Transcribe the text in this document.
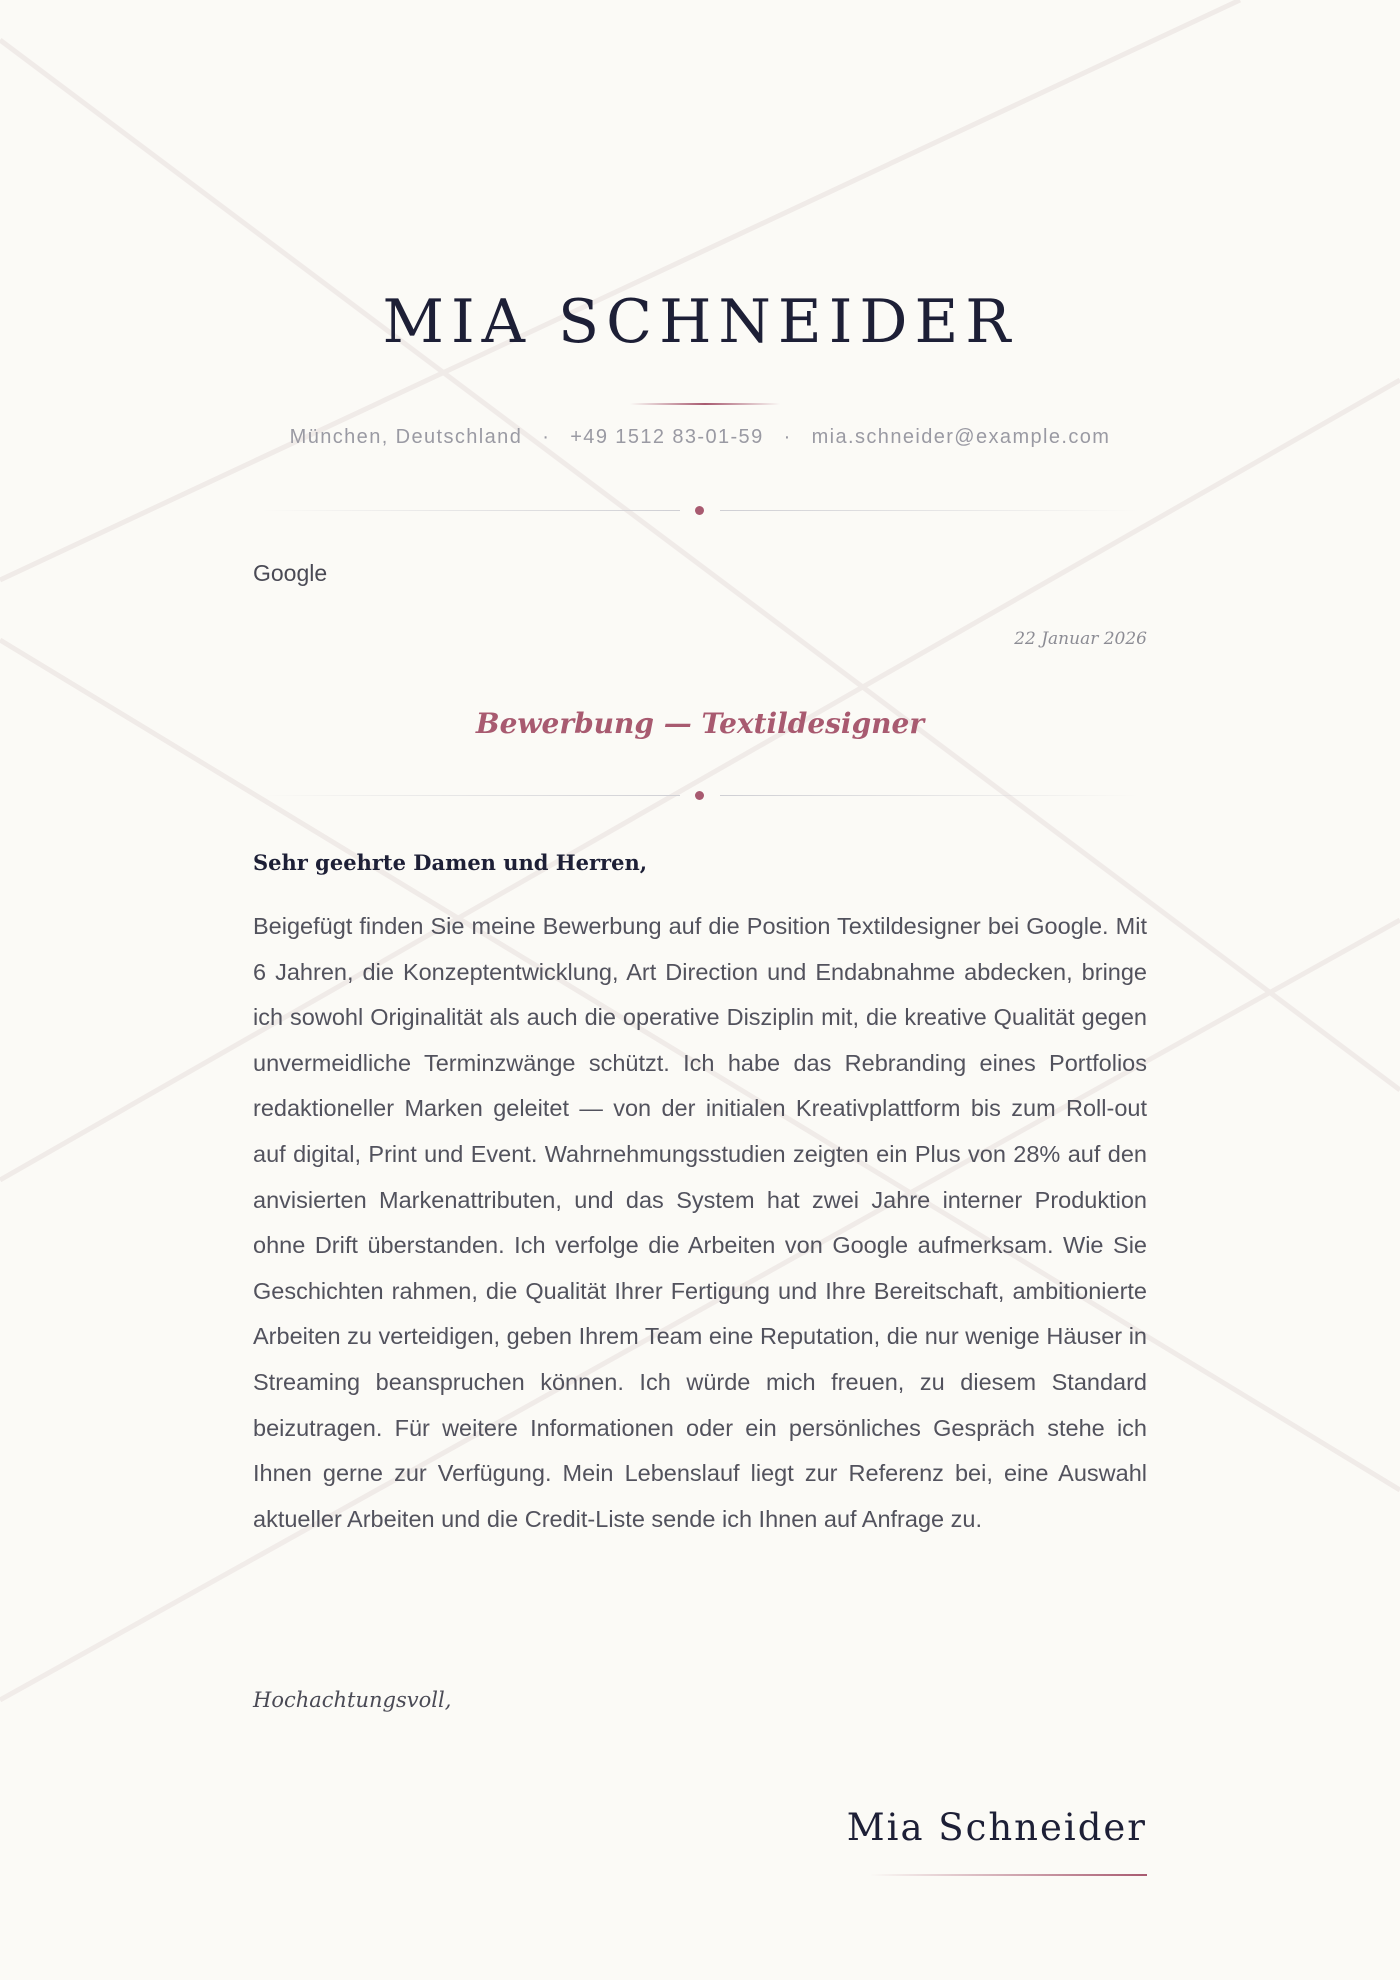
MIA SCHNEIDER
München, Deutschland · +49 1512 83-01-59 · mia.schneider@example.com
Google
22 Januar 2026
Bewerbung — Textildesigner
Sehr geehrte Damen und Herren,

Beigefügt finden Sie meine Bewerbung auf die Position Textildesigner bei Google. Mit 6 Jahren, die Konzeptentwicklung, Art Direction und Endabnahme abdecken, bringe ich sowohl Originalität als auch die operative Disziplin mit, die kreative Qualität gegen unvermeidliche Terminzwänge schützt. Ich habe das Rebranding eines Portfolios redaktioneller Marken geleitet — von der initialen Kreativplattform bis zum Roll-out auf digital, Print und Event. Wahrnehmungsstudien zeigten ein Plus von 28% auf den anvisierten Markenattributen, und das System hat zwei Jahre interner Produktion ohne Drift überstanden. Ich verfolge die Arbeiten von Google aufmerksam. Wie Sie Geschichten rahmen, die Qualität Ihrer Fertigung und Ihre Bereitschaft, ambitionierte Arbeiten zu verteidigen, geben Ihrem Team eine Reputation, die nur wenige Häuser in Streaming beanspruchen können. Ich würde mich freuen, zu diesem Standard beizutragen. Für weitere Informationen oder ein persönliches Gespräch stehe ich Ihnen gerne zur Verfügung. Mein Lebenslauf liegt zur Referenz bei, eine Auswahl aktueller Arbeiten und die Credit-Liste sende ich Ihnen auf Anfrage zu.

Hochachtungsvoll,
Mia Schneider
